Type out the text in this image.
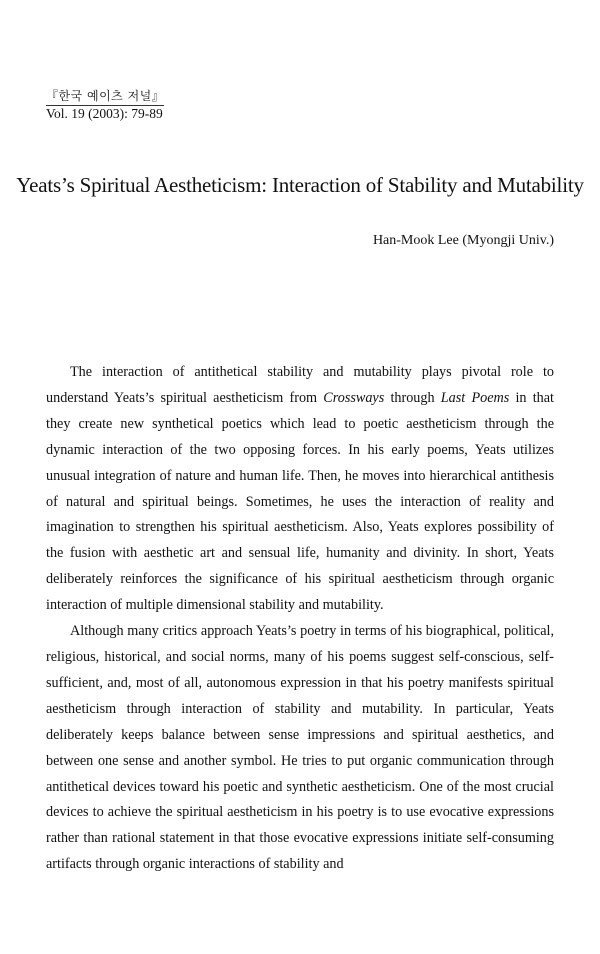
『한국 예이츠 저널』
Vol. 19 (2003): 79-89
Yeats’s Spiritual Aestheticism: Interaction of Stability and Mutability
Han-Mook Lee (Myongji Univ.)

The interaction of antithetical stability and mutability plays pivotal role to understand Yeats’s spiritual aestheticism from Crossways through Last Poems in that they create new synthetical poetics which lead to poetic aestheticism through the dynamic interaction of the two opposing forces. In his early poems, Yeats utilizes unusual integration of nature and human life. Then, he moves into hierarchical antithesis of natural and spiritual beings. Sometimes, he uses the interaction of reality and imagination to strengthen his spiritual aestheticism. Also, Yeats explores possibility of the fusion with aesthetic art and sensual life, humanity and divinity. In short, Yeats deliberately reinforces the significance of his spiritual aestheticism through organic interaction of multiple dimensional stability and mutability.

Although many critics approach Yeats’s poetry in terms of his biographical, political, religious, historical, and social norms, many of his poems suggest self-conscious, self-sufficient, and, most of all, autonomous expression in that his poetry manifests spiritual aestheticism through interaction of stability and mutability. In particular, Yeats deliberately keeps balance between sense impressions and spiritual aesthetics, and between one sense and another symbol. He tries to put organic communication through antithetical devices toward his poetic and synthetic aestheticism. One of the most crucial devices to achieve the spiritual aestheticism in his poetry is to use evocative expressions rather than rational statement in that those evocative expressions initiate self-consuming artifacts through organic interactions of stability and
